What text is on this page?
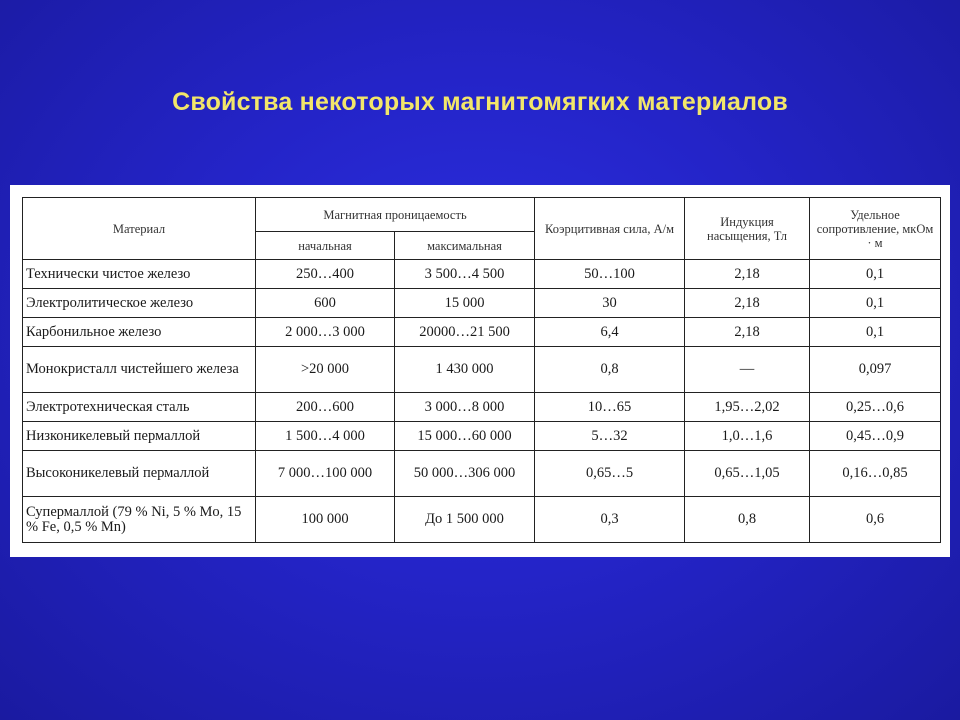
Свойства некоторых магнитомягких материалов
Материал	Магнитная проницаемость		Коэрцитивная сила, А/м	Индукция насыщения, Тл	Удельное сопротивление, мкОм · м
	начальная	максимальная			
Технически чистое железо	250…400	3 500…4 500	50…100	2,18	0,1
Электролитическое железо	600	15 000	30	2,18	0,1
Карбонильное железо	2 000…3 000	20000…21 500	6,4	2,18	0,1
Монокристалл чистейшего железа	>20 000	1 430 000	0,8	—	0,097
Электротехническая сталь	200…600	3 000…8 000	10…65	1,95…2,02	0,25…0,6
Низконикелевый пермаллой	1 500…4 000	15 000…60 000	5…32	1,0…1,6	0,45…0,9
Высоконикелевый пермаллой	7 000…100 000	50 000…306 000	0,65…5	0,65…1,05	0,16…0,85
Супермаллой (79 % Ni, 5 % Mo, 15 % Fe, 0,5 % Mn)	100 000	До 1 500 000	0,3	0,8	0,6
